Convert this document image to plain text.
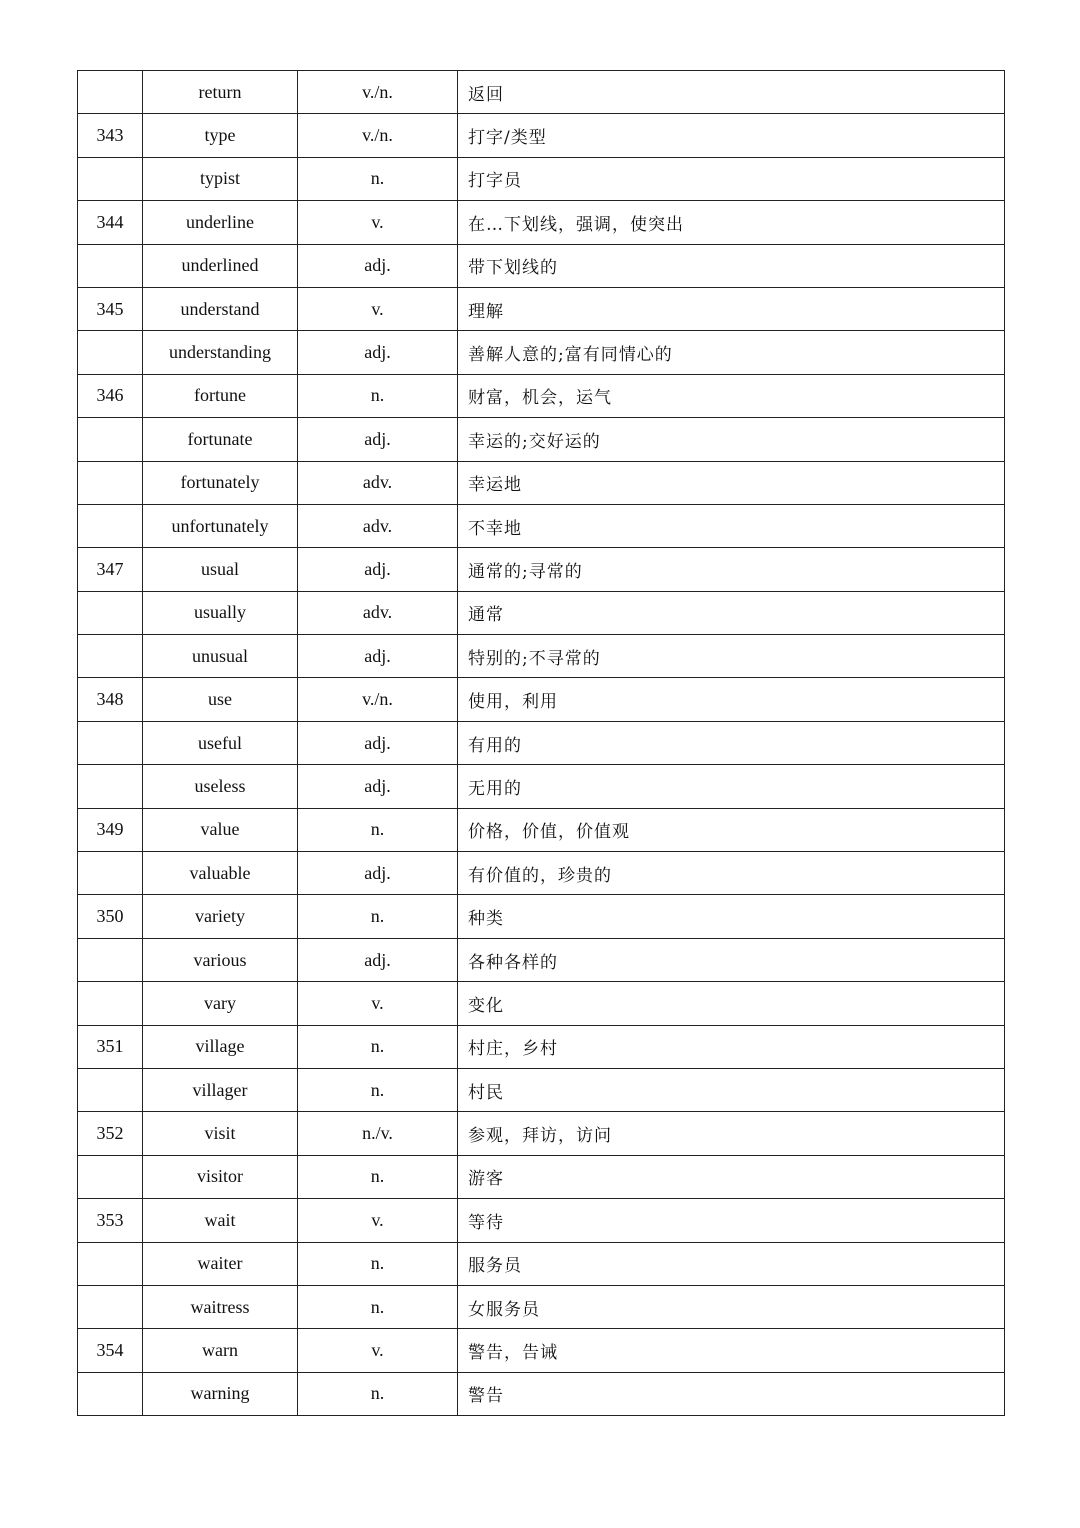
	return	v./n.	返回
343	type	v./n.	打字/类型
	typist	n.	打字员
344	underline	v.	在…下划线，强调，使突出
	underlined	adj.	带下划线的
345	understand	v.	理解
	understanding	adj.	善解人意的;富有同情心的
346	fortune	n.	财富，机会，运气
	fortunate	adj.	幸运的;交好运的
	fortunately	adv.	幸运地
	unfortunately	adv.	不幸地
347	usual	adj.	通常的;寻常的
	usually	adv.	通常
	unusual	adj.	特别的;不寻常的
348	use	v./n.	使用，利用
	useful	adj.	有用的
	useless	adj.	无用的
349	value	n.	价格，价值，价值观
	valuable	adj.	有价值的，珍贵的
350	variety	n.	种类
	various	adj.	各种各样的
	vary	v.	变化
351	village	n.	村庄，乡村
	villager	n.	村民
352	visit	n./v.	参观，拜访，访问
	visitor	n.	游客
353	wait	v.	等待
	waiter	n.	服务员
	waitress	n.	女服务员
354	warn	v.	警告，告诫
	warning	n.	警告
